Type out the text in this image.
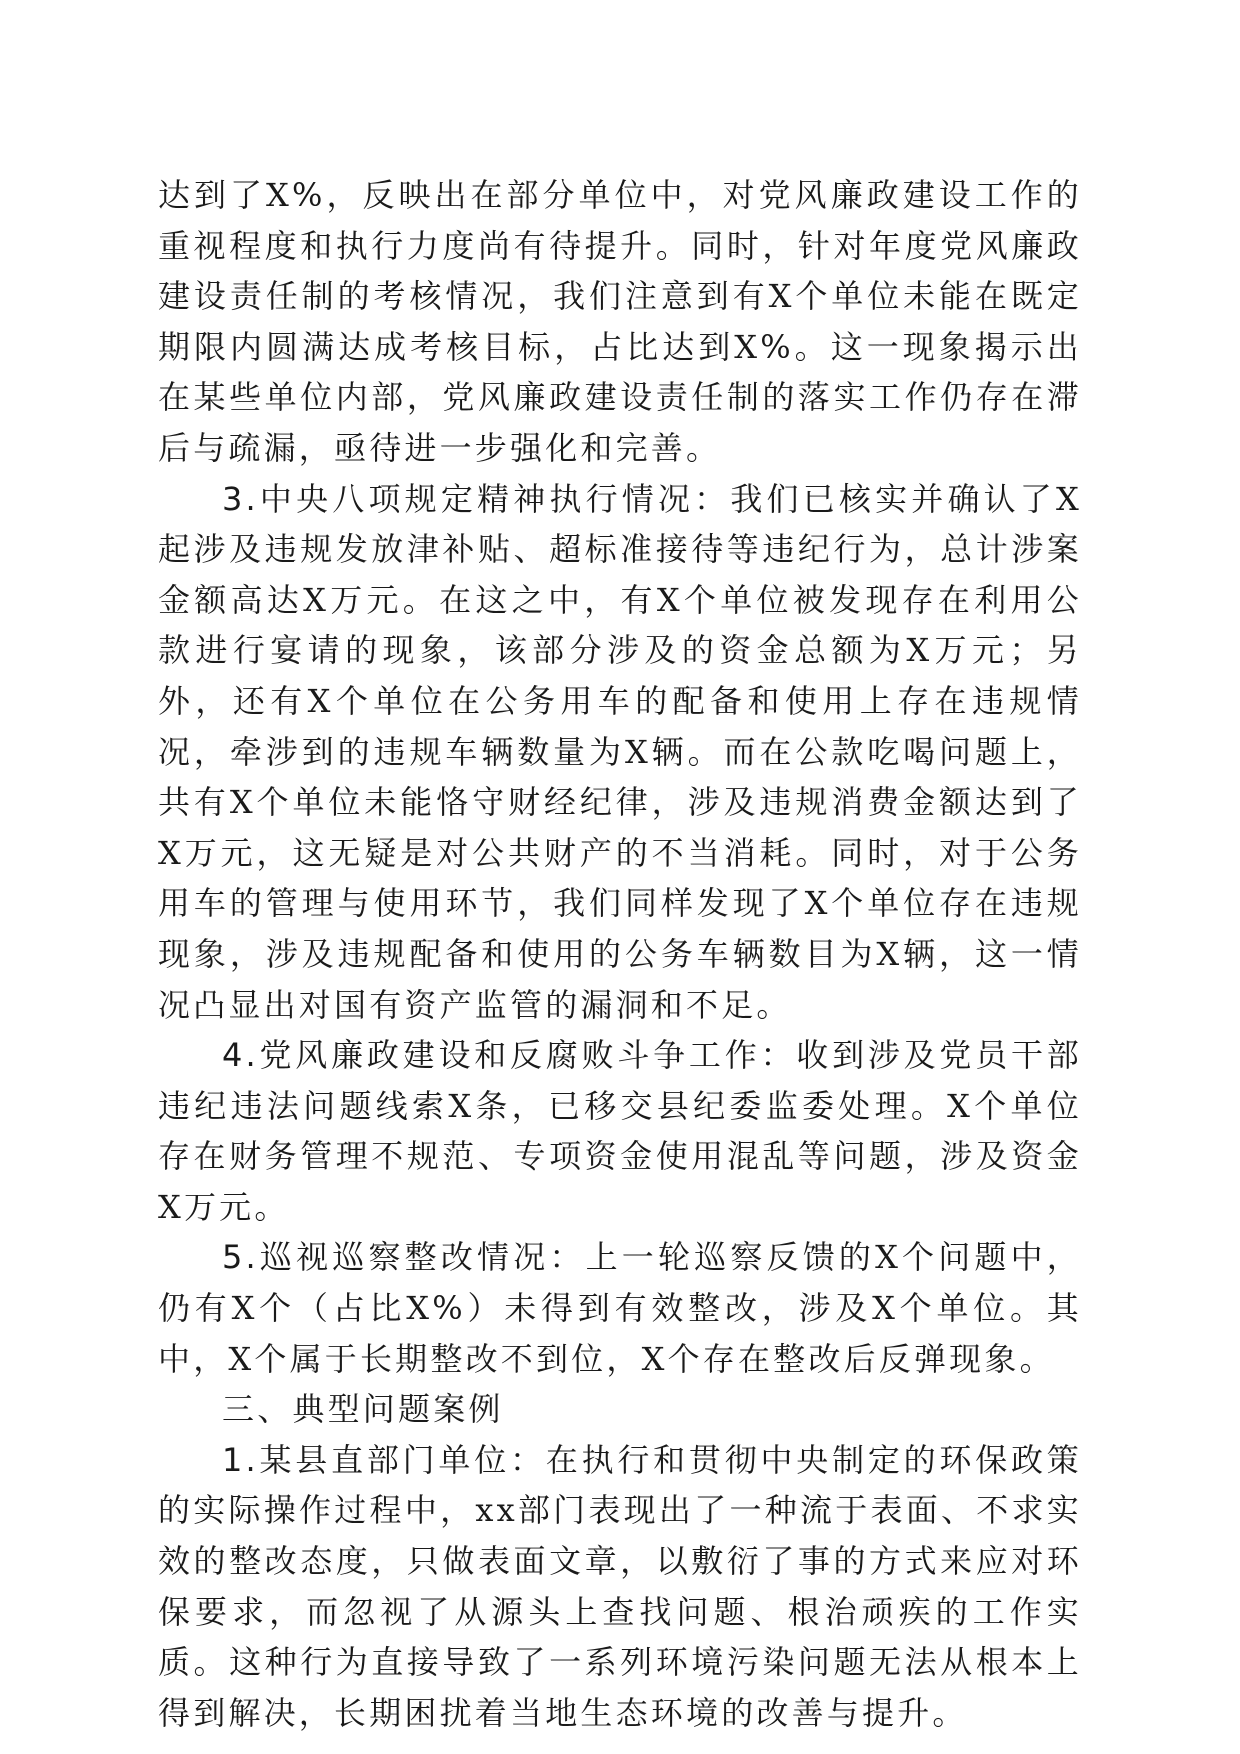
达到了X%，反映出在部分单位中，对党风廉政建设工作的重视程度和执行力度尚有待提升。同时，针对年度党风廉政建设责任制的考核情况，我们注意到有X个单位未能在既定期限内圆满达成考核目标，占比达到X%。这一现象揭示出在某些单位内部，党风廉政建设责任制的落实工作仍存在滞后与疏漏，亟待进一步强化和完善。

3.中央八项规定精神执行情况：我们已核实并确认了X起涉及违规发放津补贴、超标准接待等违纪行为，总计涉案金额高达X万元。在这之中，有X个单位被发现存在利用公款进行宴请的现象，该部分涉及的资金总额为X万元；另外，还有X个单位在公务用车的配备和使用上存在违规情况，牵涉到的违规车辆数量为X辆。而在公款吃喝问题上，共有X个单位未能恪守财经纪律，涉及违规消费金额达到了X万元，这无疑是对公共财产的不当消耗。同时，对于公务用车的管理与使用环节，我们同样发现了X个单位存在违规现象，涉及违规配备和使用的公务车辆数目为X辆，这一情况凸显出对国有资产监管的漏洞和不足。

4.党风廉政建设和反腐败斗争工作：收到涉及党员干部违纪违法问题线索X条，已移交县纪委监委处理。X个单位存在财务管理不规范、专项资金使用混乱等问题，涉及资金X万元。

5.巡视巡察整改情况：上一轮巡察反馈的X个问题中，仍有X个（占比X%）未得到有效整改，涉及X个单位。其中，X个属于长期整改不到位，X个存在整改后反弹现象。

三、典型问题案例

1.某县直部门单位：在执行和贯彻中央制定的环保政策的实际操作过程中，xx部门表现出了一种流于表面、不求实效的整改态度，只做表面文章，以敷衍了事的方式来应对环保要求，而忽视了从源头上查找问题、根治顽疾的工作实质。这种行为直接导致了一系列环境污染问题无法从根本上得到解决，长期困扰着当地生态环境的改善与提升。
